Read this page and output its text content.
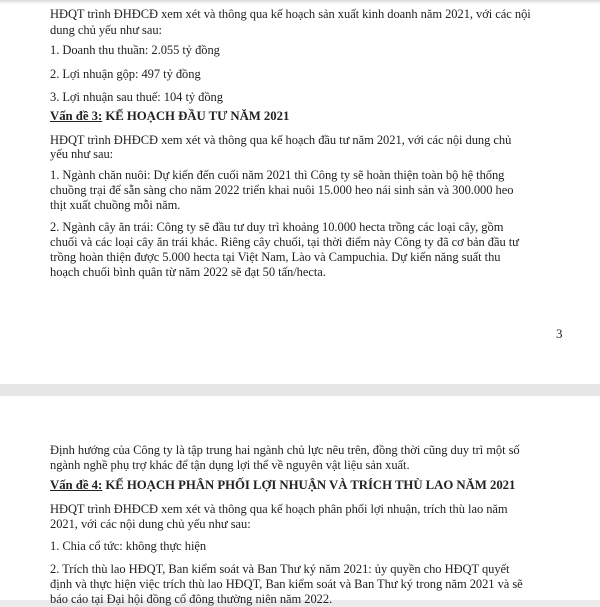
HĐQT trình ĐHĐCĐ xem xét và thông qua kế hoạch sản xuất kinh doanh năm 2021, với các nội
dung chủ yếu như sau:
1. Doanh thu thuần: 2.055 tỷ đồng
2. Lợi nhuận gộp: 497 tỷ đồng
3. Lợi nhuận sau thuế: 104 tỷ đồng
Vấn đề 3: KẾ HOẠCH ĐẦU TƯ NĂM 2021
HĐQT trình ĐHĐCĐ xem xét và thông qua kế hoạch đầu tư năm 2021, với các nội dung chủ
yếu như sau:
1. Ngành chăn nuôi: Dự kiến đến cuối năm 2021 thì Công ty sẽ hoàn thiện toàn bộ hệ thống
chuồng trại để sẵn sàng cho năm 2022 triển khai nuôi 15.000 heo nái sinh sản và 300.000 heo
thịt xuất chuồng mỗi năm.
2. Ngành cây ăn trái: Công ty sẽ đầu tư duy trì khoảng 10.000 hecta trồng các loại cây, gồm
chuối và các loại cây ăn trái khác. Riêng cây chuối, tại thời điểm này Công ty đã cơ bản đầu tư
trồng hoàn thiện được 5.000 hecta tại Việt Nam, Lào và Campuchia. Dự kiến năng suất thu
hoạch chuối bình quân từ năm 2022 sẽ đạt 50 tấn/hecta.
3
Định hướng của Công ty là tập trung hai ngành chủ lực nêu trên, đồng thời cũng duy trì một số
ngành nghề phụ trợ khác để tận dụng lợi thế về nguyên vật liệu sản xuất.
Vấn đề 4: KẾ HOẠCH PHÂN PHỐI LỢI NHUẬN VÀ TRÍCH THÙ LAO NĂM 2021
HĐQT trình ĐHĐCĐ xem xét và thông qua kế hoạch phân phối lợi nhuận, trích thù lao năm
2021, với các nội dung chủ yếu như sau:
1. Chia cổ tức: không thực hiện
2. Trích thù lao HĐQT, Ban kiểm soát và Ban Thư ký năm 2021: ủy quyền cho HĐQT quyết
định và thực hiện việc trích thù lao HĐQT, Ban kiểm soát và Ban Thư ký trong năm 2021 và sẽ
báo cáo tại Đại hội đồng cổ đông thường niên năm 2022.
